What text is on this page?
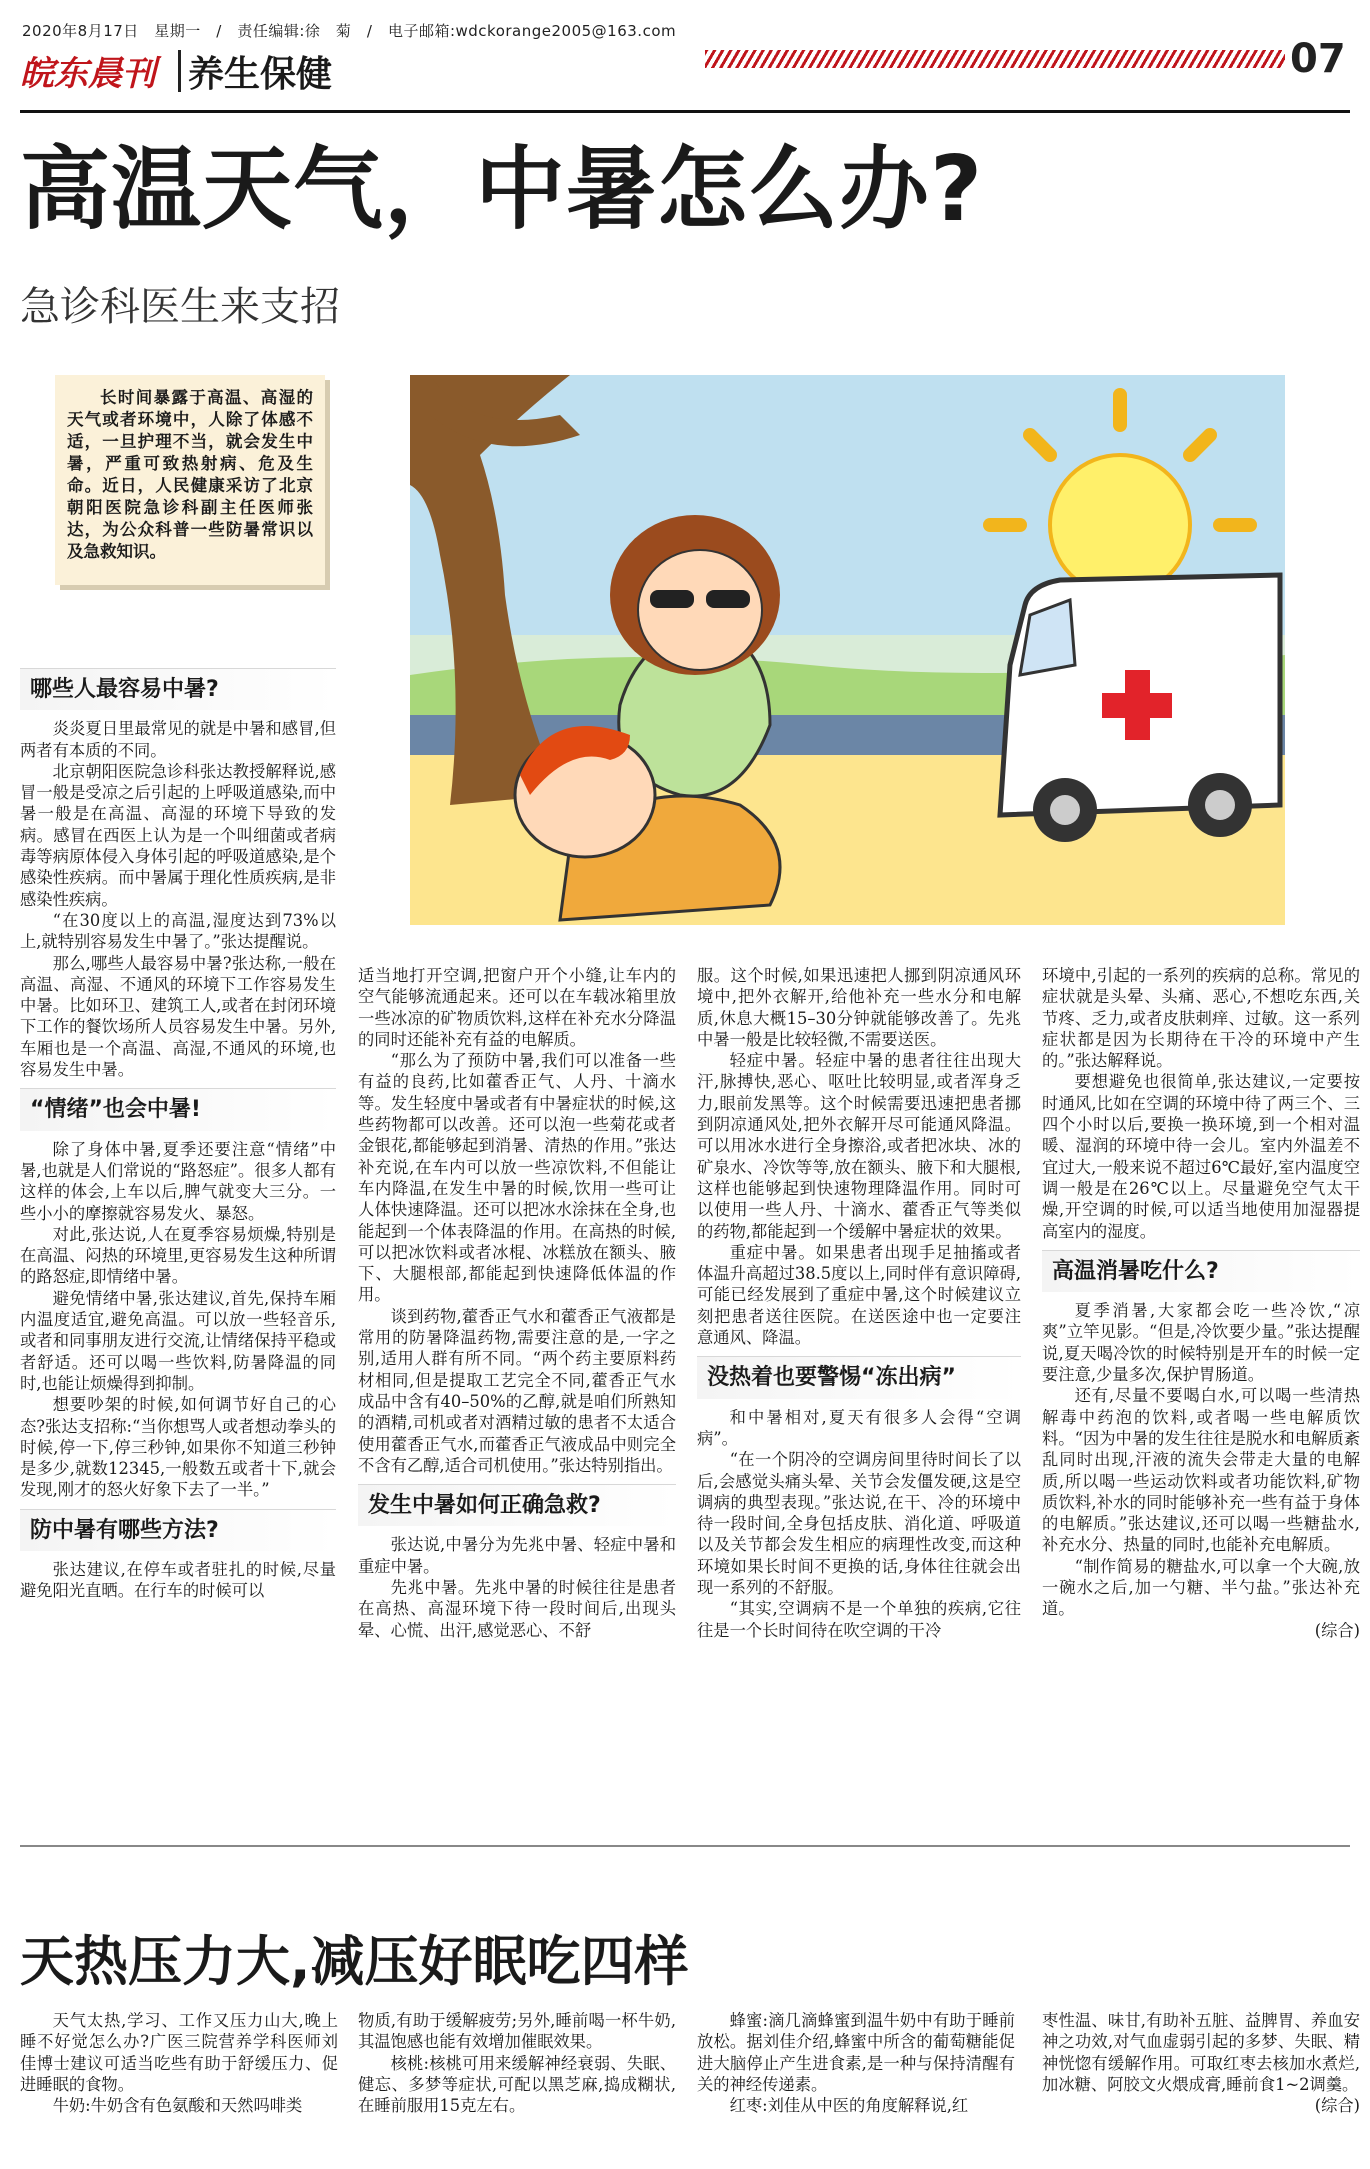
2020年8月17日　星期一　/　责任编辑:徐　菊　/　电子邮箱:wdckorange2005@163.com
皖东晨刊 养生保健	07
高温天气，中暑怎么办?
急诊科医生来支招
长时间暴露于高温、高湿的天气或者环境中，人除了体感不适，一旦护理不当，就会发生中暑，严重可致热射病、危及生命。近日，人民健康采访了北京朝阳医院急诊科副主任医师张达，为公众科普一些防暑常识以及急救知识。
哪些人最容易中暑?

炎炎夏日里最常见的就是中暑和感冒,但两者有本质的不同。

北京朝阳医院急诊科张达教授解释说,感冒一般是受凉之后引起的上呼吸道感染,而中暑一般是在高温、高湿的环境下导致的发病。感冒在西医上认为是一个叫细菌或者病毒等病原体侵入身体引起的呼吸道感染,是个感染性疾病。而中暑属于理化性质疾病,是非感染性疾病。

“在30度以上的高温,湿度达到73%以上,就特别容易发生中暑了。”张达提醒说。

那么,哪些人最容易中暑?张达称,一般在高温、高湿、不通风的环境下工作容易发生中暑。比如环卫、建筑工人,或者在封闭环境下工作的餐饮场所人员容易发生中暑。另外,车厢也是一个高温、高湿,不通风的环境,也容易发生中暑。

“情绪”也会中暑!

除了身体中暑,夏季还要注意“情绪”中暑,也就是人们常说的“路怒症”。很多人都有这样的体会,上车以后,脾气就变大三分。一些小小的摩擦就容易发火、暴怒。

对此,张达说,人在夏季容易烦燥,特别是在高温、闷热的环境里,更容易发生这种所谓的路怒症,即情绪中暑。

避免情绪中暑,张达建议,首先,保持车厢内温度适宜,避免高温。可以放一些轻音乐,或者和同事朋友进行交流,让情绪保持平稳或者舒适。还可以喝一些饮料,防暑降温的同时,也能让烦燥得到抑制。

想要吵架的时候,如何调节好自己的心态?张达支招称:“当你想骂人或者想动拳头的时候,停一下,停三秒钟,如果你不知道三秒钟是多少,就数12345,一般数五或者十下,就会发现,刚才的怒火好象下去了一半。”

防中暑有哪些方法?

张达建议,在停车或者驻扎的时候,尽量避免阳光直晒。在行车的时候可以

适当地打开空调,把窗户开个小缝,让车内的空气能够流通起来。还可以在车载冰箱里放一些冰凉的矿物质饮料,这样在补充水分降温的同时还能补充有益的电解质。

“那么为了预防中暑,我们可以准备一些有益的良药,比如藿香正气、人丹、十滴水等。发生轻度中暑或者有中暑症状的时候,这些药物都可以改善。还可以泡一些菊花或者金银花,都能够起到消暑、清热的作用。”张达补充说,在车内可以放一些凉饮料,不但能让车内降温,在发生中暑的时候,饮用一些可让人体快速降温。还可以把冰水涂抹在全身,也能起到一个体表降温的作用。在高热的时候,可以把冰饮料或者冰棍、冰糕放在额头、腋下、大腿根部,都能起到快速降低体温的作用。

谈到药物,藿香正气水和藿香正气液都是常用的防暑降温药物,需要注意的是,一字之别,适用人群有所不同。“两个药主要原料药材相同,但是提取工艺完全不同,藿香正气水成品中含有40–50%的乙醇,就是咱们所熟知的酒精,司机或者对酒精过敏的患者不太适合使用藿香正气水,而藿香正气液成品中则完全不含有乙醇,适合司机使用。”张达特别指出。

发生中暑如何正确急救?

张达说,中暑分为先兆中暑、轻症中暑和重症中暑。

先兆中暑。先兆中暑的时候往往是患者在高热、高湿环境下待一段时间后,出现头晕、心慌、出汗,感觉恶心、不舒

服。这个时候,如果迅速把人挪到阴凉通风环境中,把外衣解开,给他补充一些水分和电解质,休息大概15–30分钟就能够改善了。先兆中暑一般是比较轻微,不需要送医。

轻症中暑。轻症中暑的患者往往出现大汗,脉搏快,恶心、呕吐比较明显,或者浑身乏力,眼前发黑等。这个时候需要迅速把患者挪到阴凉通风处,把外衣解开尽可能通风降温。可以用冰水进行全身擦浴,或者把冰块、冰的矿泉水、冷饮等等,放在额头、腋下和大腿根,这样也能够起到快速物理降温作用。同时可以使用一些人丹、十滴水、藿香正气等类似的药物,都能起到一个缓解中暑症状的效果。

重症中暑。如果患者出现手足抽搐或者体温升高超过38.5度以上,同时伴有意识障碍,可能已经发展到了重症中暑,这个时候建议立刻把患者送往医院。在送医途中也一定要注意通风、降温。

没热着也要警惕“冻出病”

和中暑相对,夏天有很多人会得“空调病”。

“在一个阴冷的空调房间里待时间长了以后,会感觉头痛头晕、关节会发僵发硬,这是空调病的典型表现。”张达说,在干、冷的环境中待一段时间,全身包括皮肤、消化道、呼吸道以及关节都会发生相应的病理性改变,而这种环境如果长时间不更换的话,身体往往就会出现一系列的不舒服。

“其实,空调病不是一个单独的疾病,它往往是一个长时间待在吹空调的干冷

环境中,引起的一系列的疾病的总称。常见的症状就是头晕、头痛、恶心,不想吃东西,关节疼、乏力,或者皮肤刺痒、过敏。这一系列症状都是因为长期待在干冷的环境中产生的。”张达解释说。

要想避免也很简单,张达建议,一定要按时通风,比如在空调的环境中待了两三个、三四个小时以后,要换一换环境,到一个相对温暖、湿润的环境中待一会儿。室内外温差不宜过大,一般来说不超过6℃最好,室内温度空调一般是在26℃以上。尽量避免空气太干燥,开空调的时候,可以适当地使用加湿器提高室内的湿度。

高温消暑吃什么?

夏季消暑,大家都会吃一些冷饮,“凉爽”立竿见影。“但是,冷饮要少量。”张达提醒说,夏天喝冷饮的时候特别是开车的时候一定要注意,少量多次,保护胃肠道。

还有,尽量不要喝白水,可以喝一些清热解毒中药泡的饮料,或者喝一些电解质饮料。“因为中暑的发生往往是脱水和电解质紊乱同时出现,汗液的流失会带走大量的电解质,所以喝一些运动饮料或者功能饮料,矿物质饮料,补水的同时能够补充一些有益于身体的电解质。”张达建议,还可以喝一些糖盐水,补充水分、热量的同时,也能补充电解质。

“制作简易的糖盐水,可以拿一个大碗,放一碗水之后,加一勺糖、半勺盐。”张达补充道。

(综合)

天热压力大,减压好眠吃四样

天气太热,学习、工作又压力山大,晚上睡不好觉怎么办?广医三院营养学科医师刘佳博士建议可适当吃些有助于舒缓压力、促进睡眠的食物。

牛奶:牛奶含有色氨酸和天然吗啡类

物质,有助于缓解疲劳;另外,睡前喝一杯牛奶,其温饱感也能有效增加催眠效果。

核桃:核桃可用来缓解神经衰弱、失眠、健忘、多梦等症状,可配以黑芝麻,捣成糊状,在睡前服用15克左右。

蜂蜜:滴几滴蜂蜜到温牛奶中有助于睡前放松。据刘佳介绍,蜂蜜中所含的葡萄糖能促进大脑停止产生进食素,是一种与保持清醒有关的神经传递素。

红枣:刘佳从中医的角度解释说,红

枣性温、味甘,有助补五脏、益脾胃、养血安神之功效,对气血虚弱引起的多梦、失眠、精神恍惚有缓解作用。可取红枣去核加水煮烂,加冰糖、阿胶文火煨成膏,睡前食1~2调羹。

(综合)
